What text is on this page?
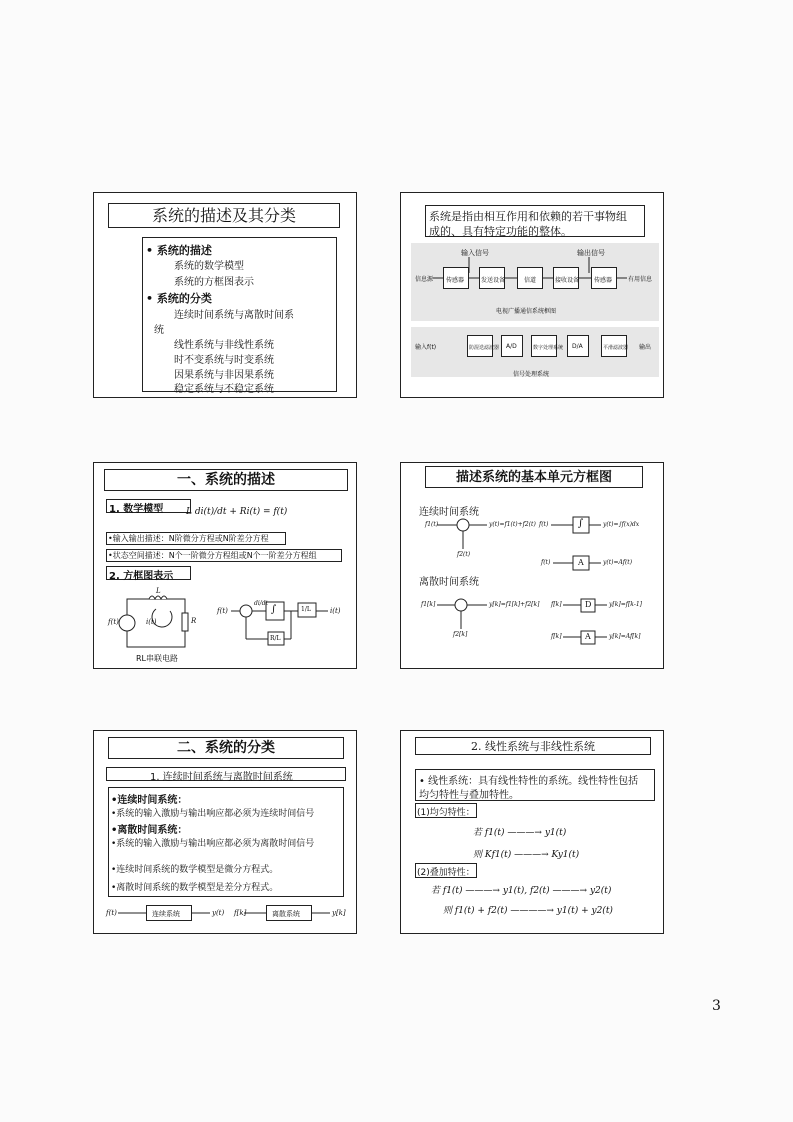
系统的描述及其分类
• 系统的描述
系统的数学模型
系统的方框图表示
• 系统的分类
连续时间系统与离散时间系
统
线性系统与非线性系统
时不变系统与时变系统
因果系统与非因果系统
稳定系统与不稳定系统
系统是指由相互作用和依赖的若干事物组
成的、具有特定功能的整体。
输入信号	输出信号
信息源 传感器	发送设备	信道	接收设备 传感器	有用信息
电视广播通信系统框图
输入f(t)	防混迭滤波器 A/D	数字处理系统 D/A	平滑滤波器 输出
信号处理系统
一、系统的描述
1. 数学模型	L di(t)/dt + Ri(t) = f(t)
•输入输出描述：N阶微分方程或N阶差分方程
•状态空间描述：N个一阶微分方程组或N个一阶差分方程组
2. 方框图表示
L
R
f(t)	i(t)
RL串联电路
f(t)
di/dt
∫	1/L	i(t)
R/L
描述系统的基本单元方框图
连续时间系统
离散时间系统
f1(t)
f2(t)
y(t)=f1(t)+f2(t) f(t)	∫	y(t)=∫f(x)dx
f(t)	A	y(t)=Af(t)
f1[k]
f2[k]
y[k]=f1[k]+f2[k] f[k]	D	y[k]=f[k-1]
f[k]	A	y[k]=Af[k]
二、系统的分类
1. 连续时间系统与离散时间系统
•连续时间系统：
•系统的输入激励与输出响应都必须为连续时间信号
•离散时间系统：
•系统的输入激励与输出响应都必须为离散时间信号
•连续时间系统的数学模型是微分方程式。
•离散时间系统的数学模型是差分方程式。
f(t)	连续系统	y(t) f[k]	离散系统	y[k]
2. 线性系统与非线性系统
• 线性系统：具有线性特性的系统。线性特性包括
均匀特性与叠加特性。
(1)均匀特性：
若 f1(t) ———→ y1(t)
则 Kf1(t) ———→ Ky1(t)
(2)叠加特性：
若 f1(t) ———→ y1(t), f2(t) ———→ y2(t)
则 f1(t) + f2(t) ————→ y1(t) + y2(t)
3
